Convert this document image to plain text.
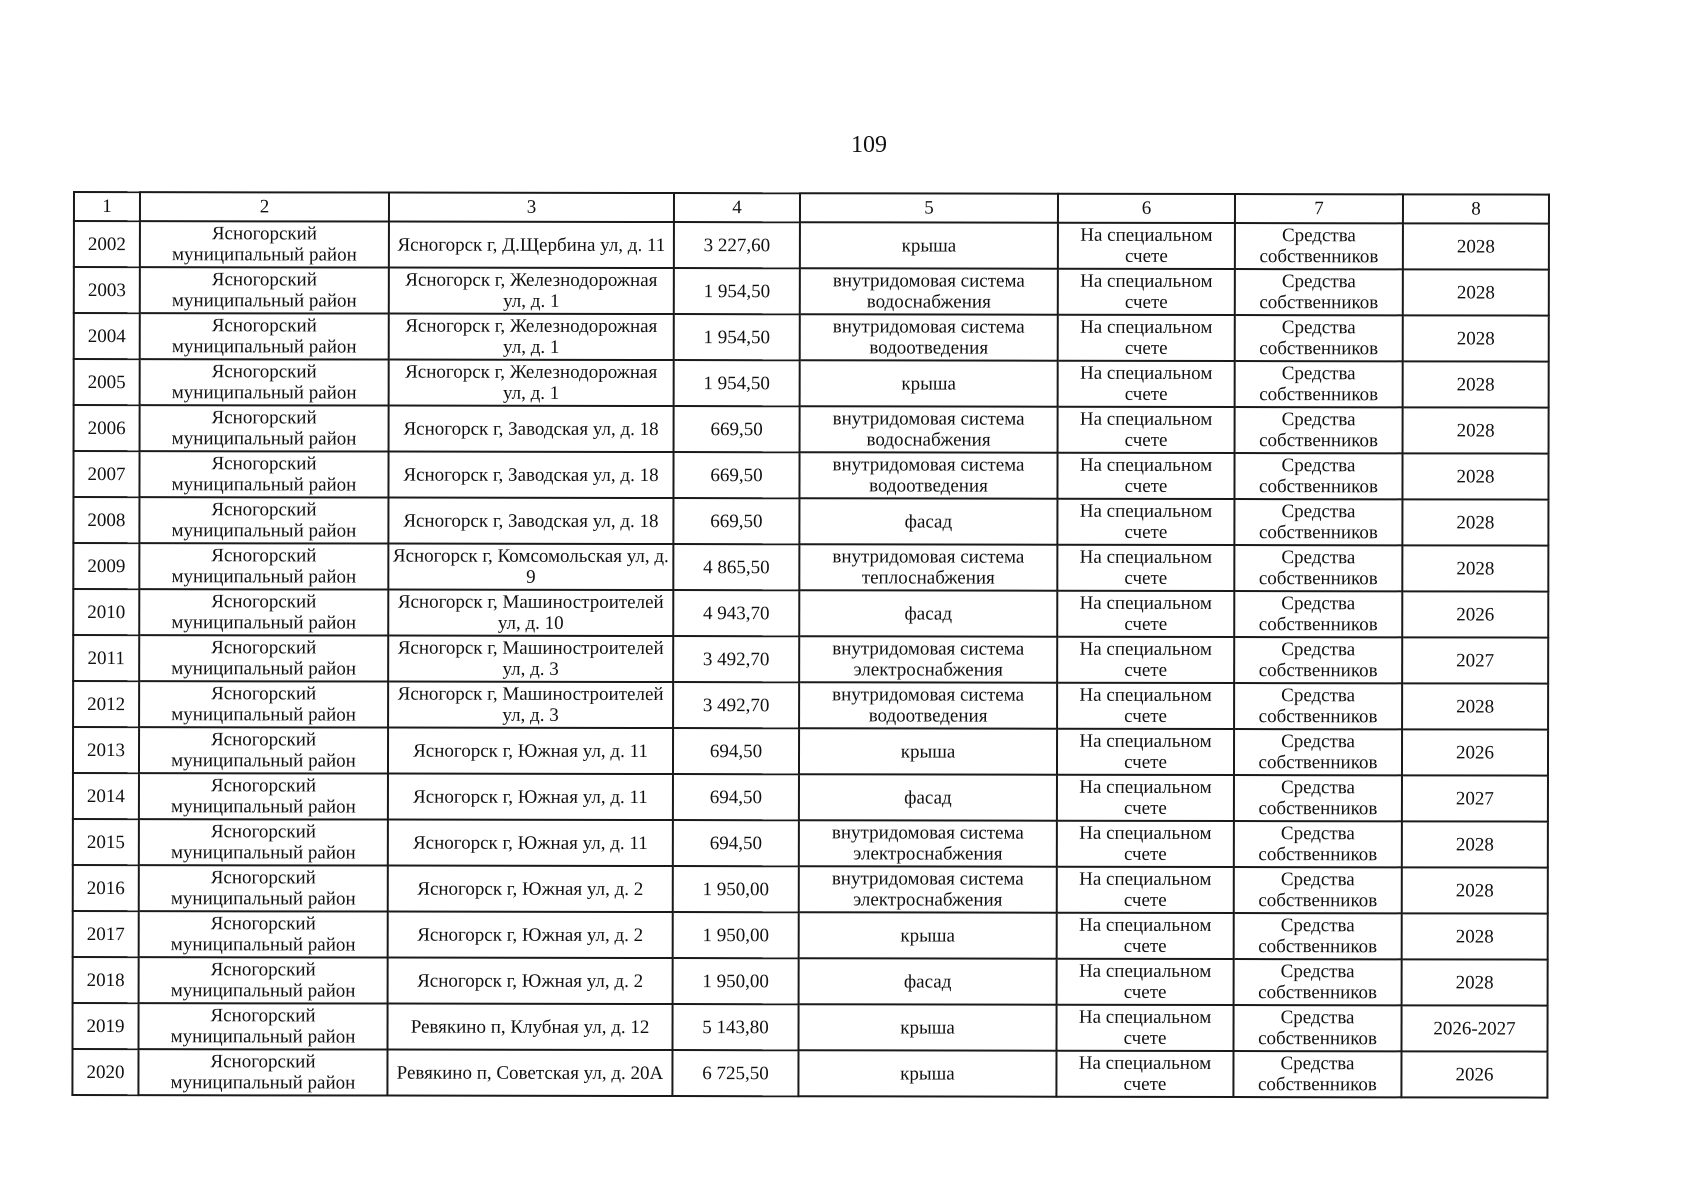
109
1	2	3	4	5	6	7	8
2002	Ясногорский муниципальный район	Ясногорск г, Д.Щербина ул, д. 11	3 227,60	крыша	На специальном счете	Средства собственников	2028
2003	Ясногорский муниципальный район	Ясногорск г, Железнодорожная ул, д. 1	1 954,50	внутридомовая система водоснабжения	На специальном счете	Средства собственников	2028
2004	Ясногорский муниципальный район	Ясногорск г, Железнодорожная ул, д. 1	1 954,50	внутридомовая система водоотведения	На специальном счете	Средства собственников	2028
2005	Ясногорский муниципальный район	Ясногорск г, Железнодорожная ул, д. 1	1 954,50	крыша	На специальном счете	Средства собственников	2028
2006	Ясногорский муниципальный район	Ясногорск г, Заводская ул, д. 18	669,50	внутридомовая система водоснабжения	На специальном счете	Средства собственников	2028
2007	Ясногорский муниципальный район	Ясногорск г, Заводская ул, д. 18	669,50	внутридомовая система водоотведения	На специальном счете	Средства собственников	2028
2008	Ясногорский муниципальный район	Ясногорск г, Заводская ул, д. 18	669,50	фасад	На специальном счете	Средства собственников	2028
2009	Ясногорский муниципальный район	Ясногорск г, Комсомольская ул, д. 9	4 865,50	внутридомовая система теплоснабжения	На специальном счете	Средства собственников	2028
2010	Ясногорский муниципальный район	Ясногорск г, Машиностроителей ул, д. 10	4 943,70	фасад	На специальном счете	Средства собственников	2026
2011	Ясногорский муниципальный район	Ясногорск г, Машиностроителей ул, д. 3	3 492,70	внутридомовая система электроснабжения	На специальном счете	Средства собственников	2027
2012	Ясногорский муниципальный район	Ясногорск г, Машиностроителей ул, д. 3	3 492,70	внутридомовая система водоотведения	На специальном счете	Средства собственников	2028
2013	Ясногорский муниципальный район	Ясногорск г, Южная ул, д. 11	694,50	крыша	На специальном счете	Средства собственников	2026
2014	Ясногорский муниципальный район	Ясногорск г, Южная ул, д. 11	694,50	фасад	На специальном счете	Средства собственников	2027
2015	Ясногорский муниципальный район	Ясногорск г, Южная ул, д. 11	694,50	внутридомовая система электроснабжения	На специальном счете	Средства собственников	2028
2016	Ясногорский муниципальный район	Ясногорск г, Южная ул, д. 2	1 950,00	внутридомовая система электроснабжения	На специальном счете	Средства собственников	2028
2017	Ясногорский муниципальный район	Ясногорск г, Южная ул, д. 2	1 950,00	крыша	На специальном счете	Средства собственников	2028
2018	Ясногорский муниципальный район	Ясногорск г, Южная ул, д. 2	1 950,00	фасад	На специальном счете	Средства собственников	2028
2019	Ясногорский муниципальный район	Ревякино п, Клубная ул, д. 12	5 143,80	крыша	На специальном счете	Средства собственников	2026-2027
2020	Ясногорский муниципальный район	Ревякино п, Советская ул, д. 20А	6 725,50	крыша	На специальном счете	Средства собственников	2026
